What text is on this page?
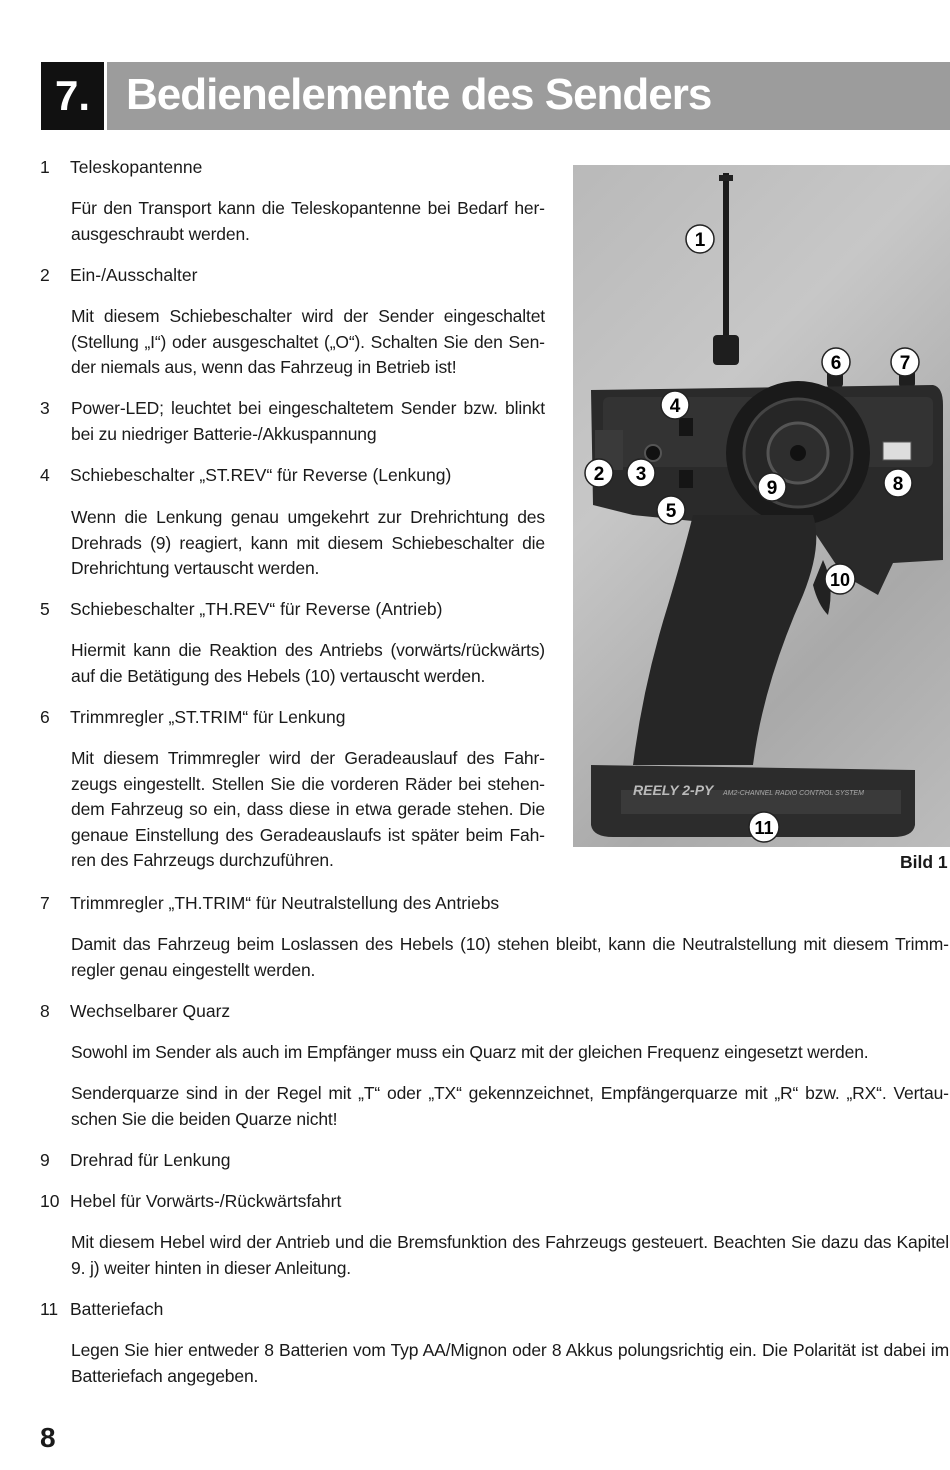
7. Bedienelemente des Senders
1	Teleskopantenne
Für den Transport kann die Teleskopantenne bei Bedarf herausgeschraubt werden.
2	Ein-/Ausschalter
Mit diesem Schiebeschalter wird der Sender eingeschaltet (Stellung „I“) oder ausgeschaltet („O“). Schalten Sie den Sender niemals aus, wenn das Fahrzeug in Betrieb ist!
3	Power-LED; leuchtet bei eingeschaltetem Sender bzw. blinkt bei zu niedriger Batterie-/Akkuspannung
4	Schiebeschalter „ST.REV“ für Reverse (Lenkung)
Wenn die Lenkung genau umgekehrt zur Drehrichtung des Drehrads (9) reagiert, kann mit diesem Schiebeschalter die Drehrichtung vertauscht werden.
5	Schiebeschalter „TH.REV“ für Reverse (Antrieb)
Hiermit kann die Reaktion des Antriebs (vorwärts/rückwärts) auf die Betätigung des Hebels (10) vertauscht werden.
6	Trimmregler „ST.TRIM“ für Lenkung
Mit diesem Trimmregler wird der Geradeauslauf des Fahrzeugs eingestellt. Stellen Sie die vorderen Räder bei stehendem Fahrzeug so ein, dass diese in etwa gerade stehen. Die genaue Einstellung des Geradeauslaufs ist später beim Fahren des Fahrzeugs durchzuführen.
7	Trimmregler „TH.TRIM“ für Neutralstellung des Antriebs
Damit das Fahrzeug beim Loslassen des Hebels (10) stehen bleibt, kann die Neutralstellung mit diesem Trimmregler genau eingestellt werden.
8	Wechselbarer Quarz
Sowohl im Sender als auch im Empfänger muss ein Quarz mit der gleichen Frequenz eingesetzt werden.
Senderquarze sind in der Regel mit „T“ oder „TX“ gekennzeichnet, Empfängerquarze mit „R“ bzw. „RX“. Vertauschen Sie die beiden Quarze nicht!
9	Drehrad für Lenkung
10 Hebel für Vorwärts-/Rückwärtsfahrt
Mit diesem Hebel wird der Antrieb und die Bremsfunktion des Fahrzeugs gesteuert. Beachten Sie dazu das Kapitel 9. j) weiter hinten in dieser Anleitung.
11 Batteriefach
Legen Sie hier entweder 8 Batterien vom Typ AA/Mignon oder 8 Akkus polungsrichtig ein. Die Polarität ist dabei im Batteriefach angegeben.
REELY 2-PY AM2-CHANNEL RADIO CONTROL SYSTEM
1
2 3
4
5
6	7
8
9
10
11
Bild 1
8
